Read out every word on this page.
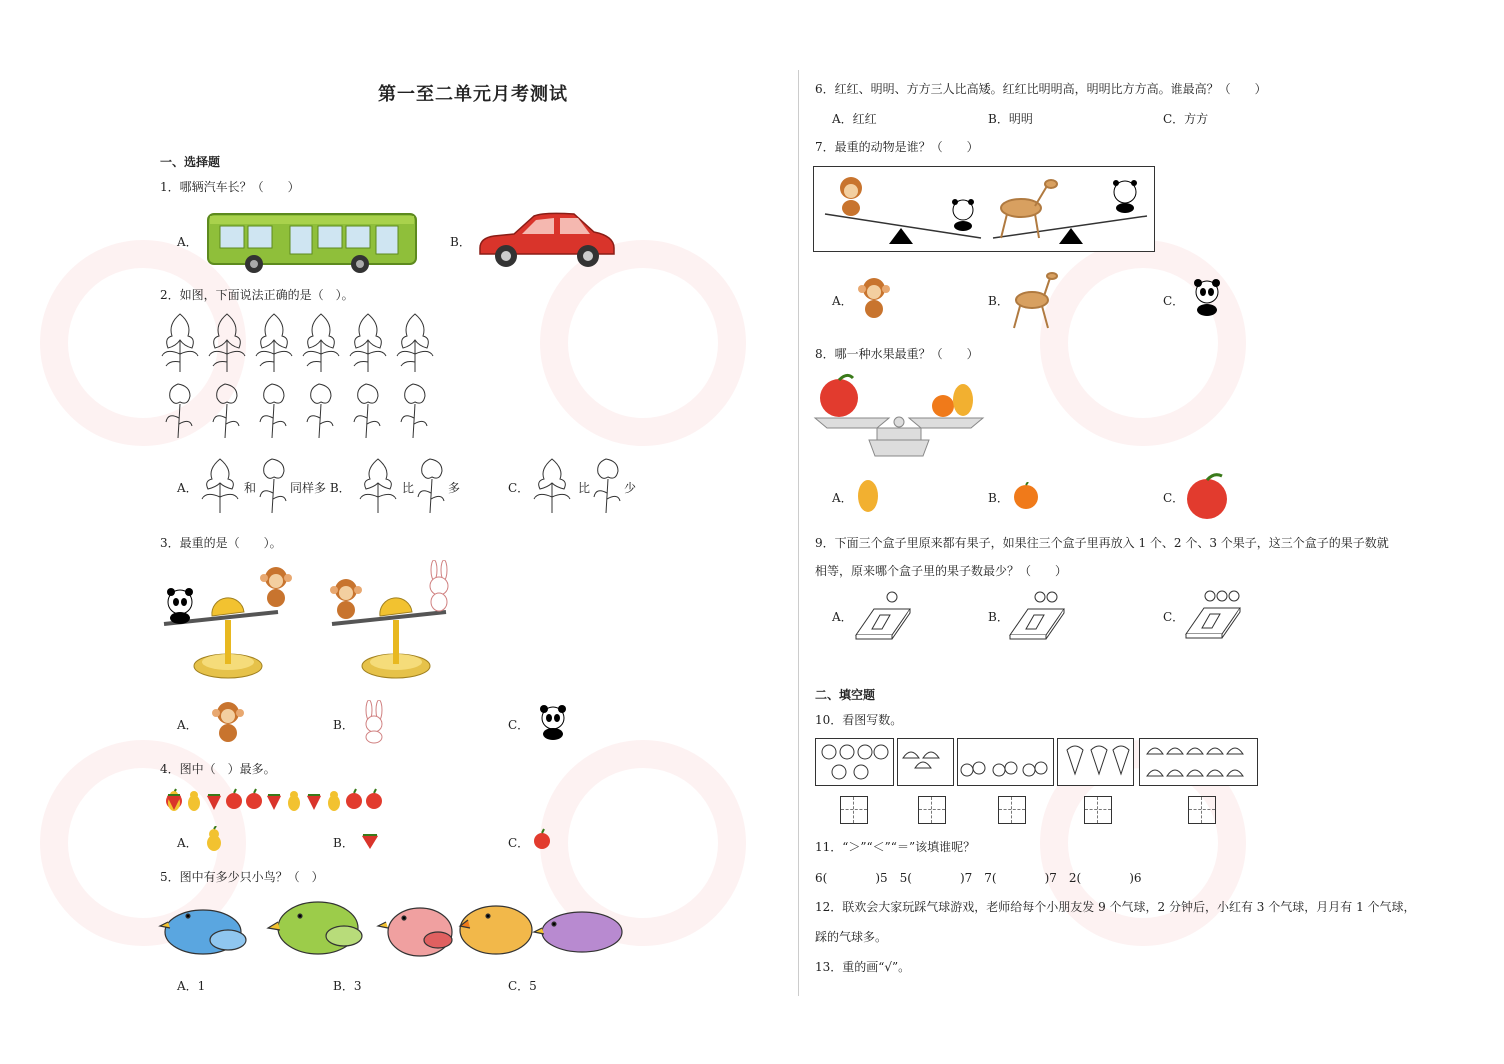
第一至二单元月考测试
一、选择题
1．哪辆汽车长？（　　）
A．	B．
2．如图，下面说法正确的是（　）。
A．	和	同样多 B．	比	多	C．	比	少
3．最重的是（　　）。
A．	B．	C．
4．图中（　）最多。
A．	B．	C．
5．图中有多少只小鸟？（　）
A．1	B．3	C．5
6．红红、明明、方方三人比高矮。红红比明明高，明明比方方高。谁最高？（　　）
A．红红	B．明明	C．方方
7．最重的动物是谁？（　　）
A．	B．	C．
8．哪一种水果最重？（　　）
A．	B．	C．
9．下面三个盒子里原来都有果子，如果往三个盒子里再放入 1 个、2 个、3 个果子，这三个盒子的果子数就
相等，原来哪个盒子里的果子数最少？（　　）
A．	B．	C．
二、填空题
10．看图写数。
11．“＞”“＜”“＝”该填谁呢？
6(　　　　)5　5(　　　　)7　7(　　　　)7　2(　　　　)6
12．联欢会大家玩踩气球游戏，老师给每个小朋友发 9 个气球，2 分钟后，小红有 3 个气球，月月有 1 个气球，
踩的气球多。
13．重的画“√”。
